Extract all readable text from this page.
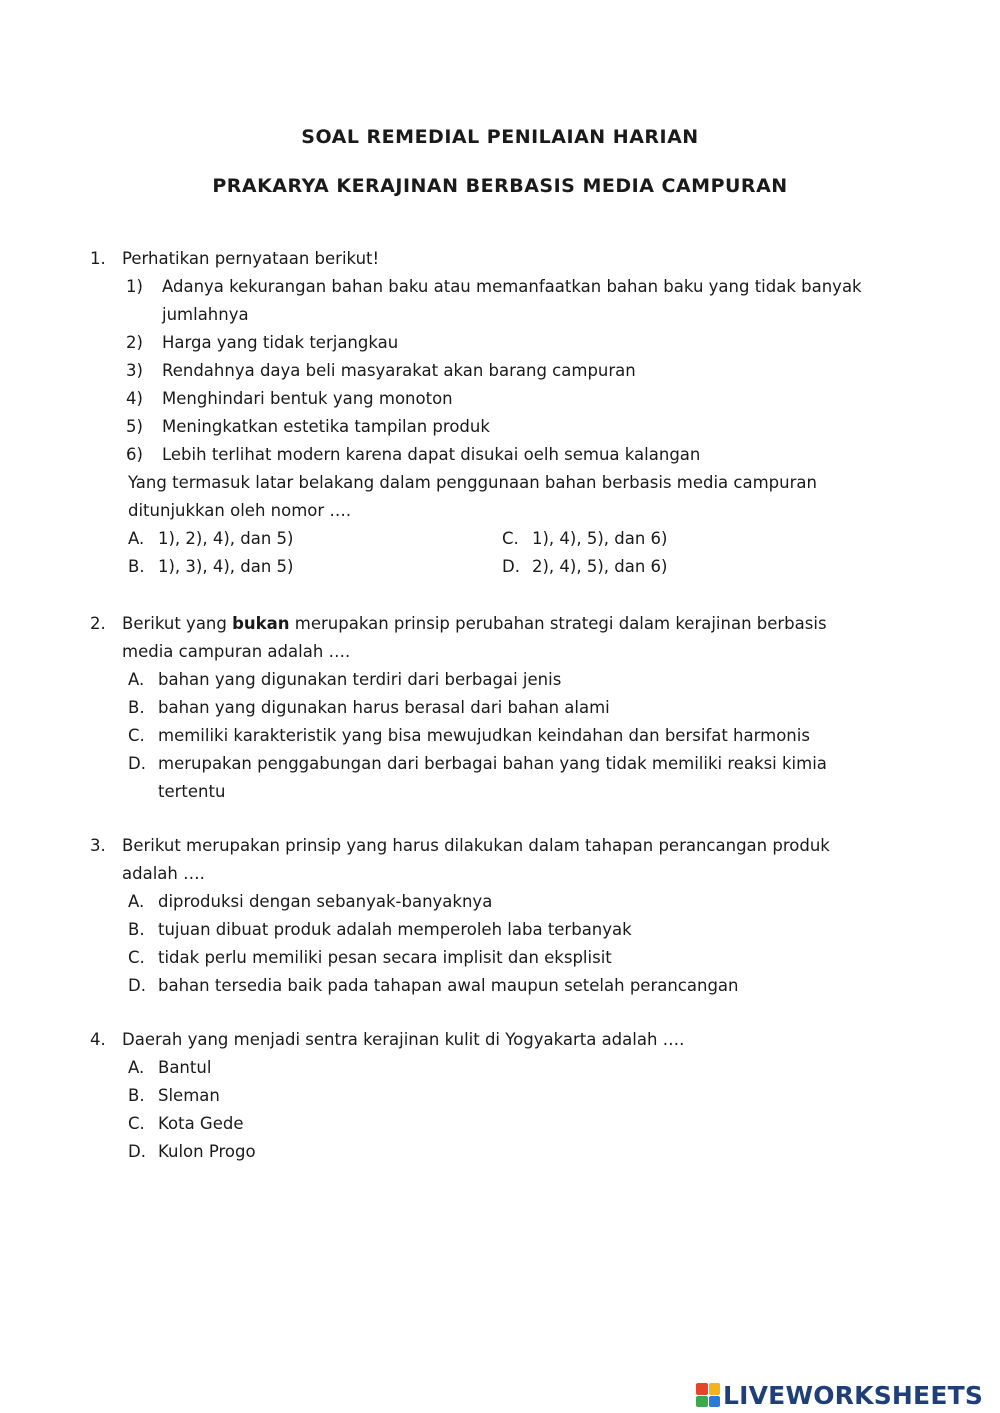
SOAL REMEDIAL PENILAIAN HARIAN
PRAKARYA KERAJINAN BERBASIS MEDIA CAMPURAN
1. Perhatikan pernyataan berikut!
1) Adanya kekurangan bahan baku atau memanfaatkan bahan baku yang tidak banyak jumlahnya
2) Harga yang tidak terjangkau
3) Rendahnya daya beli masyarakat akan barang campuran
4) Menghindari bentuk yang monoton
5) Meningkatkan estetika tampilan produk
6) Lebih terlihat modern karena dapat disukai oelh semua kalangan
Yang termasuk latar belakang dalam penggunaan bahan berbasis media campuran ditunjukkan oleh nomor ….
A. 1), 2), 4), dan 5)
B. 1), 3), 4), dan 5)
C. 1), 4), 5), dan 6)
D. 2), 4), 5), dan 6)
2. Berikut yang bukan merupakan prinsip perubahan strategi dalam kerajinan berbasis media campuran adalah ….
A. bahan yang digunakan terdiri dari berbagai jenis
B. bahan yang digunakan harus berasal dari bahan alami
C. memiliki karakteristik yang bisa mewujudkan keindahan dan bersifat harmonis
D. merupakan penggabungan dari berbagai bahan yang tidak memiliki reaksi kimia tertentu
3. Berikut merupakan prinsip yang harus dilakukan dalam tahapan perancangan produk adalah ….
A. diproduksi dengan sebanyak-banyaknya
B. tujuan dibuat produk adalah memperoleh laba terbanyak
C. tidak perlu memiliki pesan secara implisit dan eksplisit
D. bahan tersedia baik pada tahapan awal maupun setelah perancangan
4. Daerah yang menjadi sentra kerajinan kulit di Yogyakarta adalah ….
A. Bantul
B. Sleman
C. Kota Gede
D. Kulon Progo
LIVEWORKSHEETS
